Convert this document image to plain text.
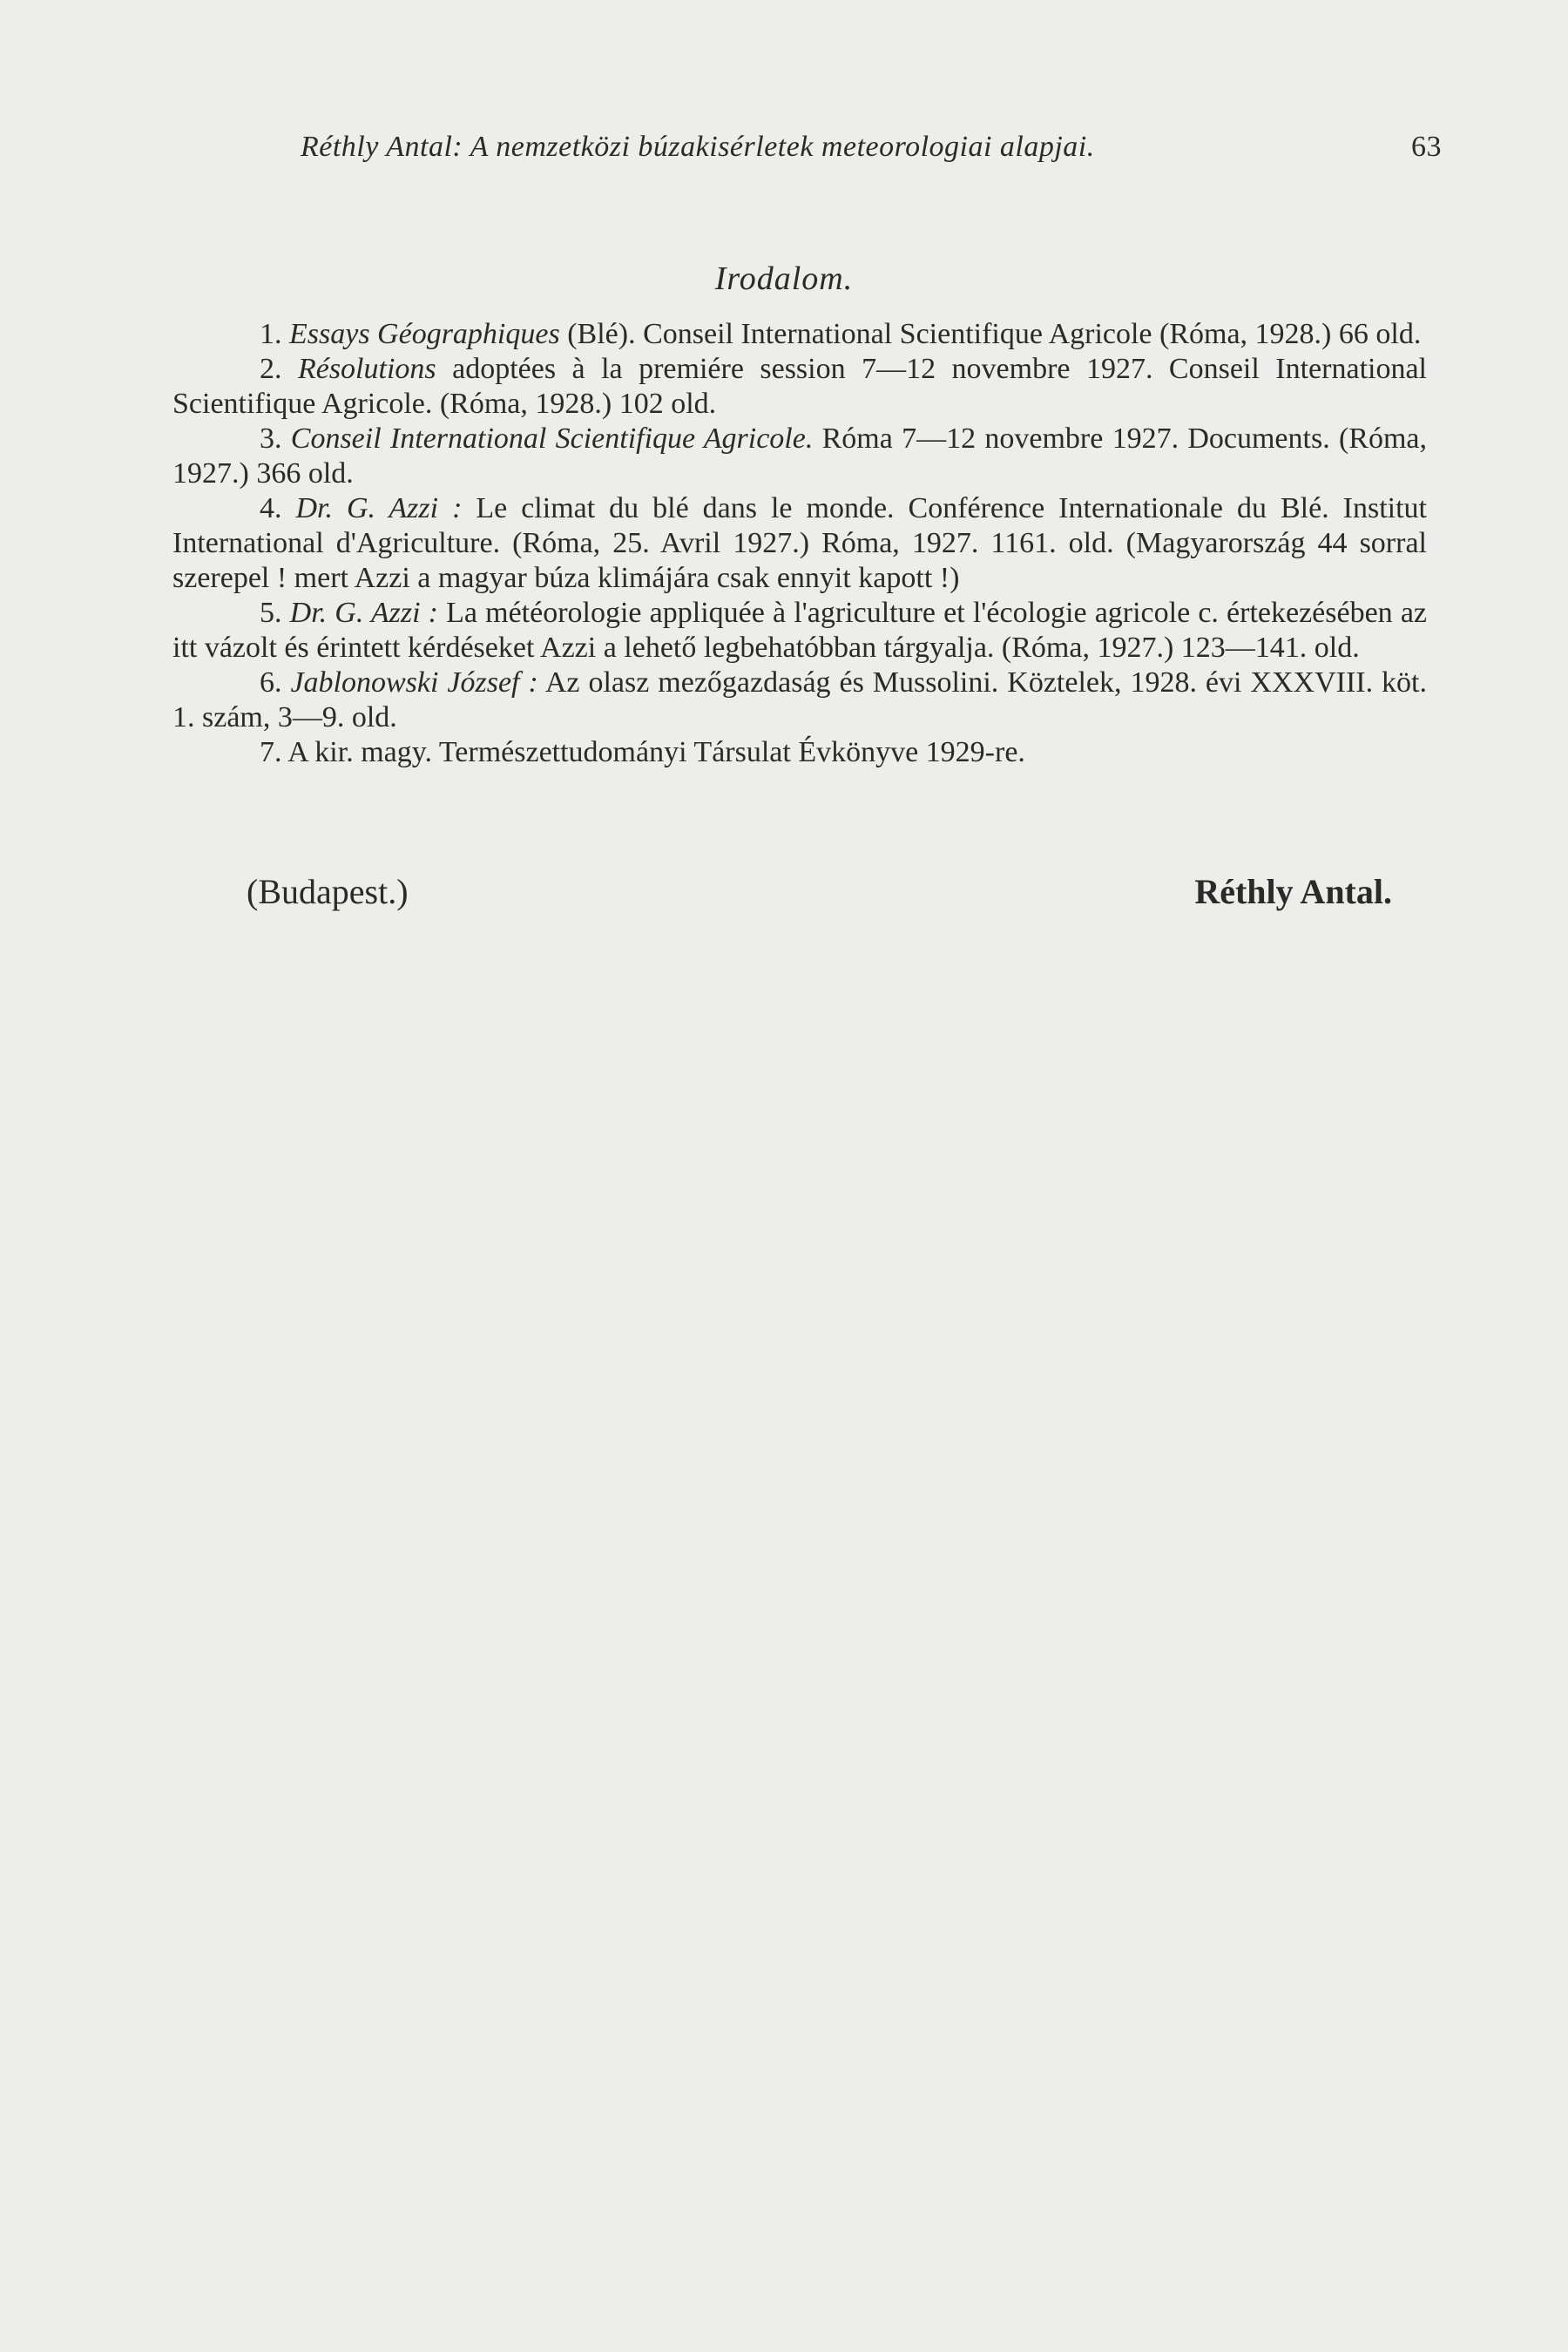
Réthly Antal: A nemzetközi búzakisérletek meteorologiai alapjai.	63
Irodalom.

1. Essays Géographiques (Blé). Conseil International Scientifique Agricole (Róma, 1928.) 66 old.

2. Résolutions adoptées à la premiére session 7—12 novembre 1927. Conseil International Scientifique Agricole. (Róma, 1928.) 102 old.

3. Conseil International Scientifique Agricole. Róma 7—12 novembre 1927. Documents. (Róma, 1927.) 366 old.

4. Dr. G. Azzi : Le climat du blé dans le monde. Conférence Internationale du Blé. Institut International d'Agriculture. (Róma, 25. Avril 1927.) Róma, 1927. 1161. old. (Magyarország 44 sorral szerepel ! mert Azzi a magyar búza klimájára csak ennyit kapott !)

5. Dr. G. Azzi : La météorologie appliquée à l'agriculture et l'écologie agricole c. értekezésében az itt vázolt és érintett kérdéseket Azzi a lehető legbehatóbban tárgyalja. (Róma, 1927.) 123—141. old.

6. Jablonowski József : Az olasz mezőgazdaság és Mussolini. Köztelek, 1928. évi XXXVIII. köt. 1. szám, 3—9. old.

7. A kir. magy. Természettudományi Társulat Évkönyve 1929-re.

(Budapest.)	Réthly Antal.
